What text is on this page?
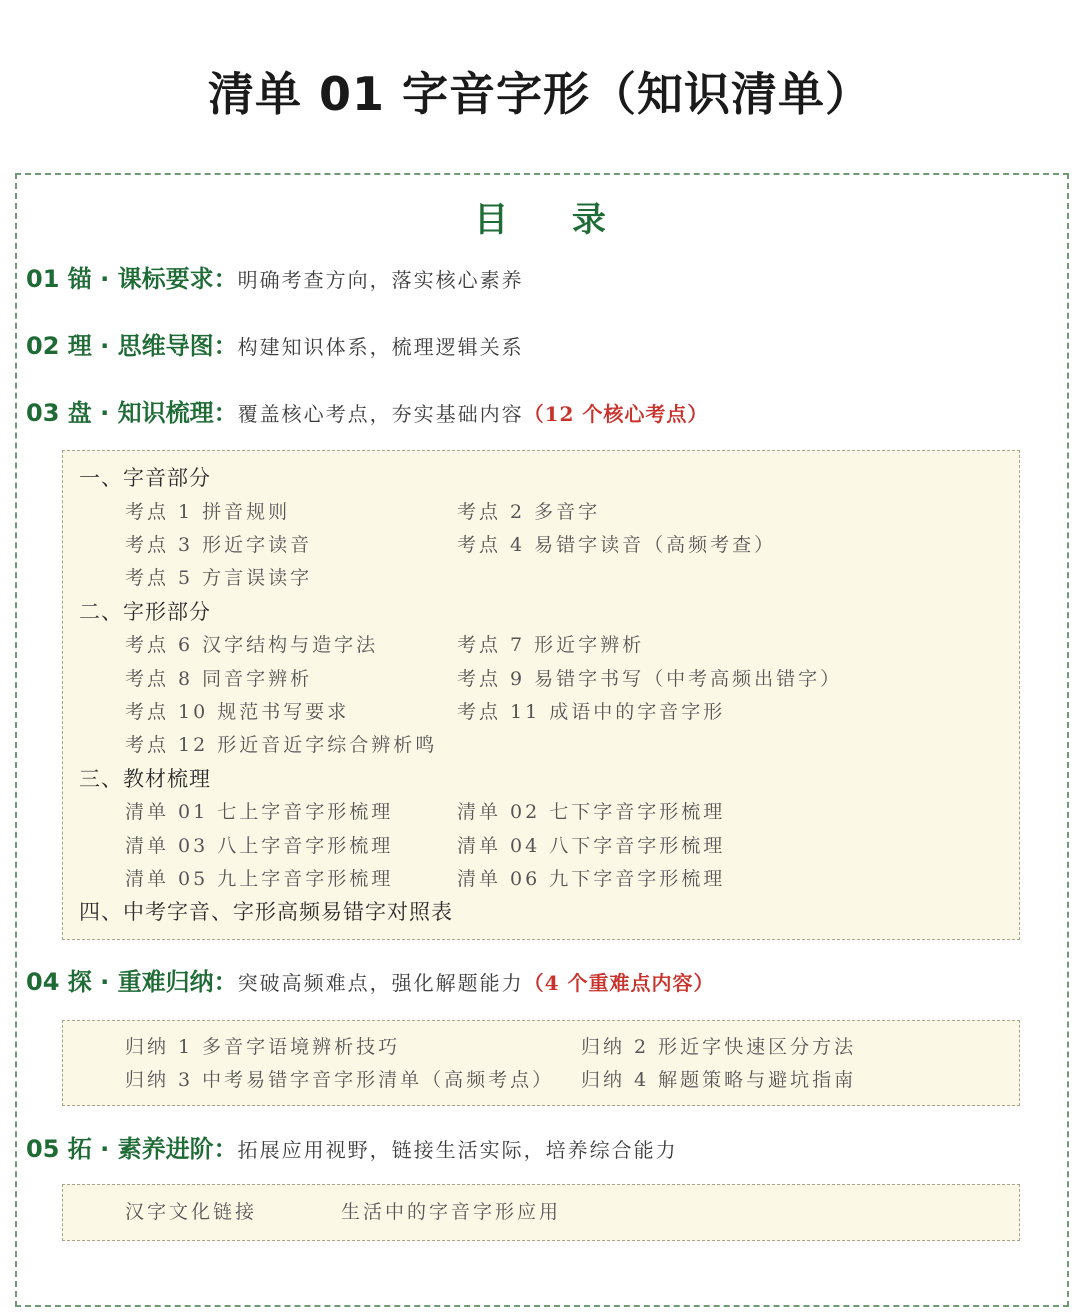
清单 01 字音字形（知识清单）
目 录
01 锚 · 课标要求：明确考查方向，落实核心素养
02 理 · 思维导图：构建知识体系，梳理逻辑关系
03 盘 · 知识梳理：覆盖核心考点，夯实基础内容（12 个核心考点）
一、字音部分
考点 1 拼音规则	考点 2 多音字
考点 3 形近字读音	考点 4 易错字读音（高频考查）
考点 5 方言误读字
二、字形部分
考点 6 汉字结构与造字法	考点 7 形近字辨析
考点 8 同音字辨析	考点 9 易错字书写（中考高频出错字）
考点 10 规范书写要求	考点 11 成语中的字音字形
考点 12 形近音近字综合辨析鸣
三、教材梳理
清单 01 七上字音字形梳理	清单 02 七下字音字形梳理
清单 03 八上字音字形梳理	清单 04 八下字音字形梳理
清单 05 九上字音字形梳理	清单 06 九下字音字形梳理
四、中考字音、字形高频易错字对照表
04 探 · 重难归纳：突破高频难点，强化解题能力（4 个重难点内容）
归纳 1 多音字语境辨析技巧	归纳 2 形近字快速区分方法
归纳 3 中考易错字音字形清单（高频考点） 归纳 4 解题策略与避坑指南
05 拓 · 素养进阶：拓展应用视野，链接生活实际，培养综合能力
汉字文化链接	生活中的字音字形应用
